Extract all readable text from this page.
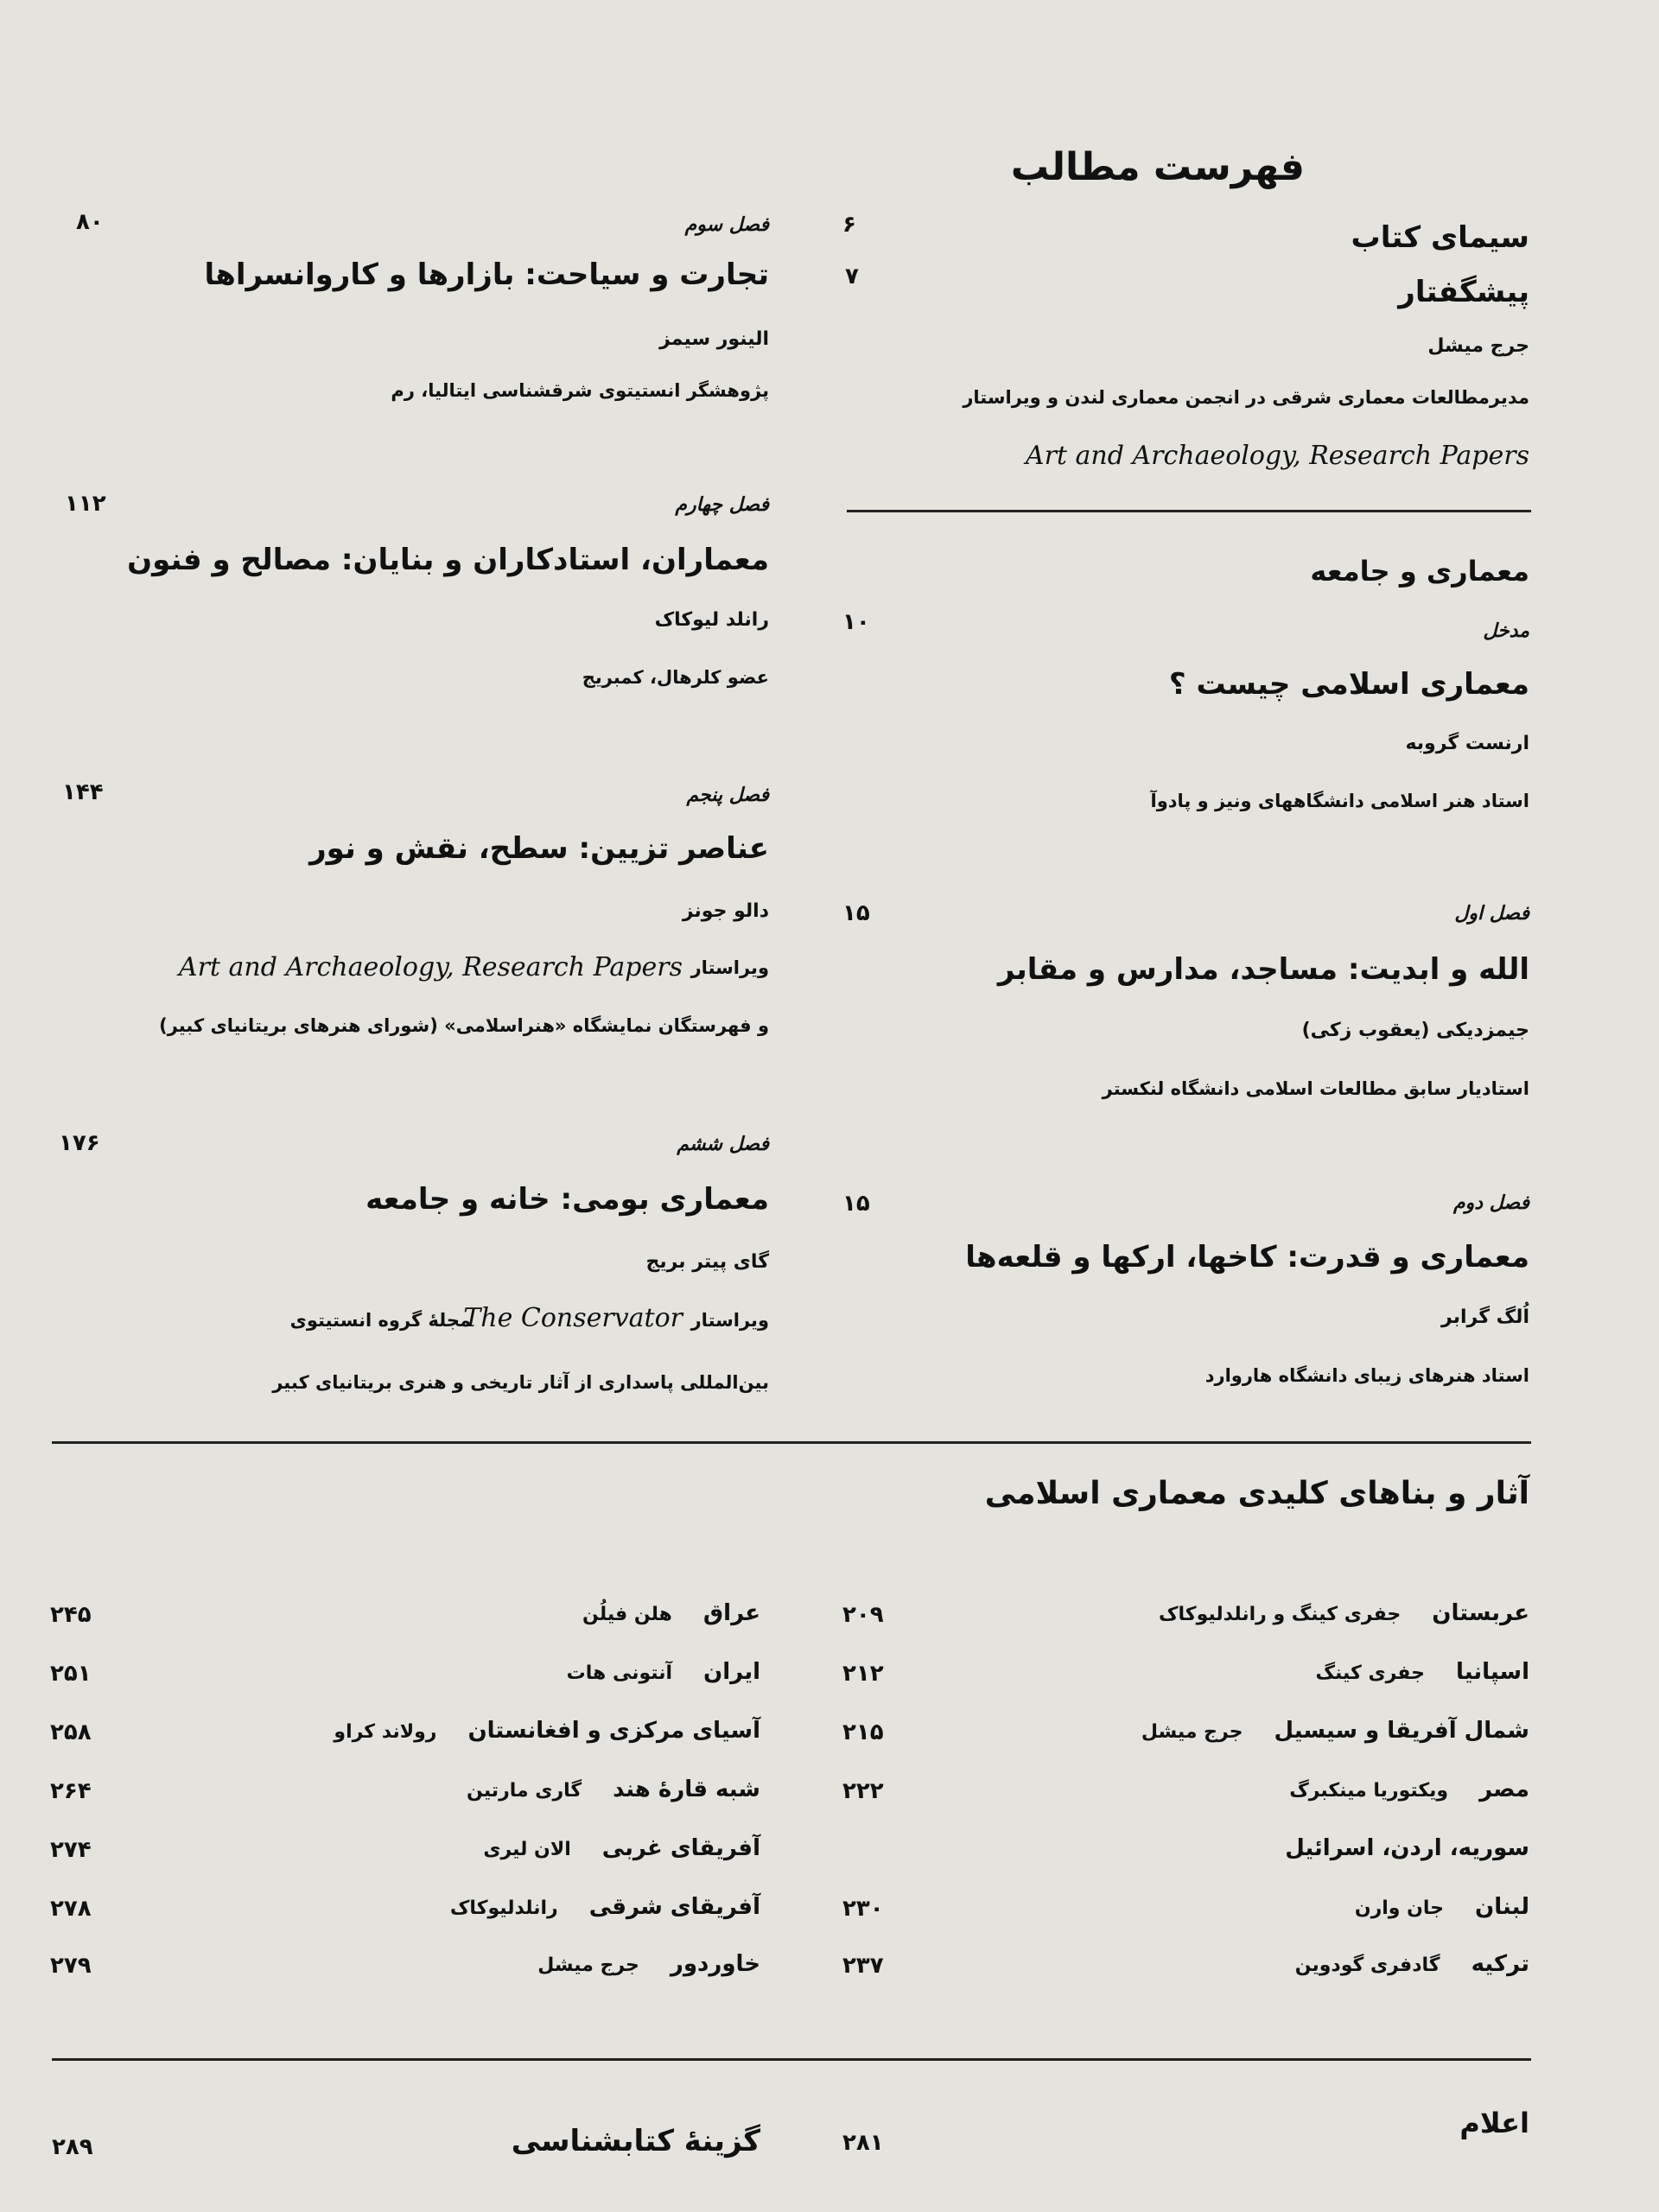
فهرست مطالب
سیمای کتاب
۶
پیشگفتار
۷
جرج میشل
مدیرمطالعات معماری شرقی در انجمن معماری لندن و ویراستار
Art and Archaeology, Research Papers
معماری و جامعه
مدخل
۱۰
معماری اسلامی چیست ؟
ارنست گروبه
استاد هنر اسلامی دانشگاههای ونیز و پادوآ
فصل اول
۱۵
الله و ابدیت: مساجد، مدارس و مقابر
جیمزدیکی (یعقوب زکی)
استادیار سابق مطالعات اسلامی دانشگاه لنکستر
فصل دوم
۱۵
معماری و قدرت: کاخها، ارکها و قلعه‌ها
اُلگ گرابر
استاد هنرهای زیبای دانشگاه هاروارد
فصل سوم
۸۰
تجارت و سیاحت: بازارها و کاروانسراها
الینور سیمز
پژوهشگر انستیتوی شرقشناسی ایتالیا، رم
فصل چهارم
۱۱۲
معماران، استادکاران و بنایان: مصالح و فنون
رانلد لیوکاک
عضو کلرهال، کمبریج
فصل پنجم
۱۴۴
عناصر تزیین: سطح، نقش و نور
دالو جونز
ویراستار
Art and Archaeology, Research Papers
و فهرستگان نمایشگاه «هنراسلامی» (شورای هنرهای بریتانیای کبیر)
فصل ششم
۱۷۶
معماری بومی: خانه و جامعه
گای پیتر بریج
ویراستار
The Conservator
مجلهٔ گروه انستیتوی
بین‌المللی پاسداری از آثار تاریخی و هنری بریتانیای کبیر
آثار و بناهای کلیدی معماری اسلامی
عربستانجفری کینگ و رانلدلیوکاک
۲۰۹
اسپانیاجفری کینگ
۲۱۲
شمال آفریقا و سیسیلجرج میشل
۲۱۵
مصرویکتوریا مینکبرگ
۲۲۲
سوریه، اردن، اسرائیل
لبنانجان وارن
۲۳۰
ترکیهگادفری گودوین
۲۳۷
عراقهلن فیلُن
۲۴۵
ایرانآنتونی هات
۲۵۱
آسیای مرکزی و افغانستانرولاند کراو
۲۵۸
شبه قارهٔ هندگاری مارتین
۲۶۴
آفریقای غربیالان لیری
۲۷۴
آفریقای شرقیرانلدلیوکاک
۲۷۸
خاوردورجرج میشل
۲۷۹
اعلام
۲۸۱
گزینهٔ کتابشناسی
۲۸۹
